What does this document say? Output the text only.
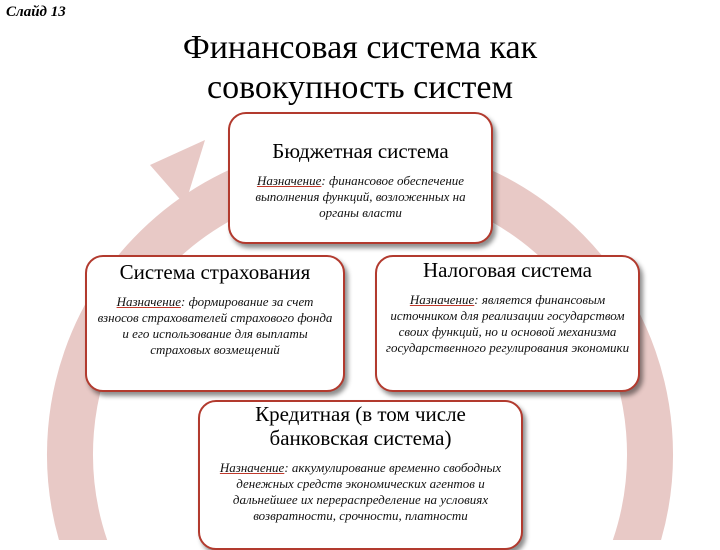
Слайд 13
Финансовая система как
совокупность систем
Бюджетная система
Назначение: финансовое обеспечение выполнения функций, возложенных на органы власти
Система страхования
Назначение: формирование за счет взносов страхователей страхового фонда и его использование для выплаты страховых возмещений
Налоговая система
Назначение: является финансовым источником для реализации государством своих функций, но и основой механизма государственного регулирования экономики
Кредитная (в том числе
банковская система)
Назначение: аккумулирование временно свободных денежных средств экономических агентов и дальнейшее их перераспределение на условиях возвратности, срочности, платности
